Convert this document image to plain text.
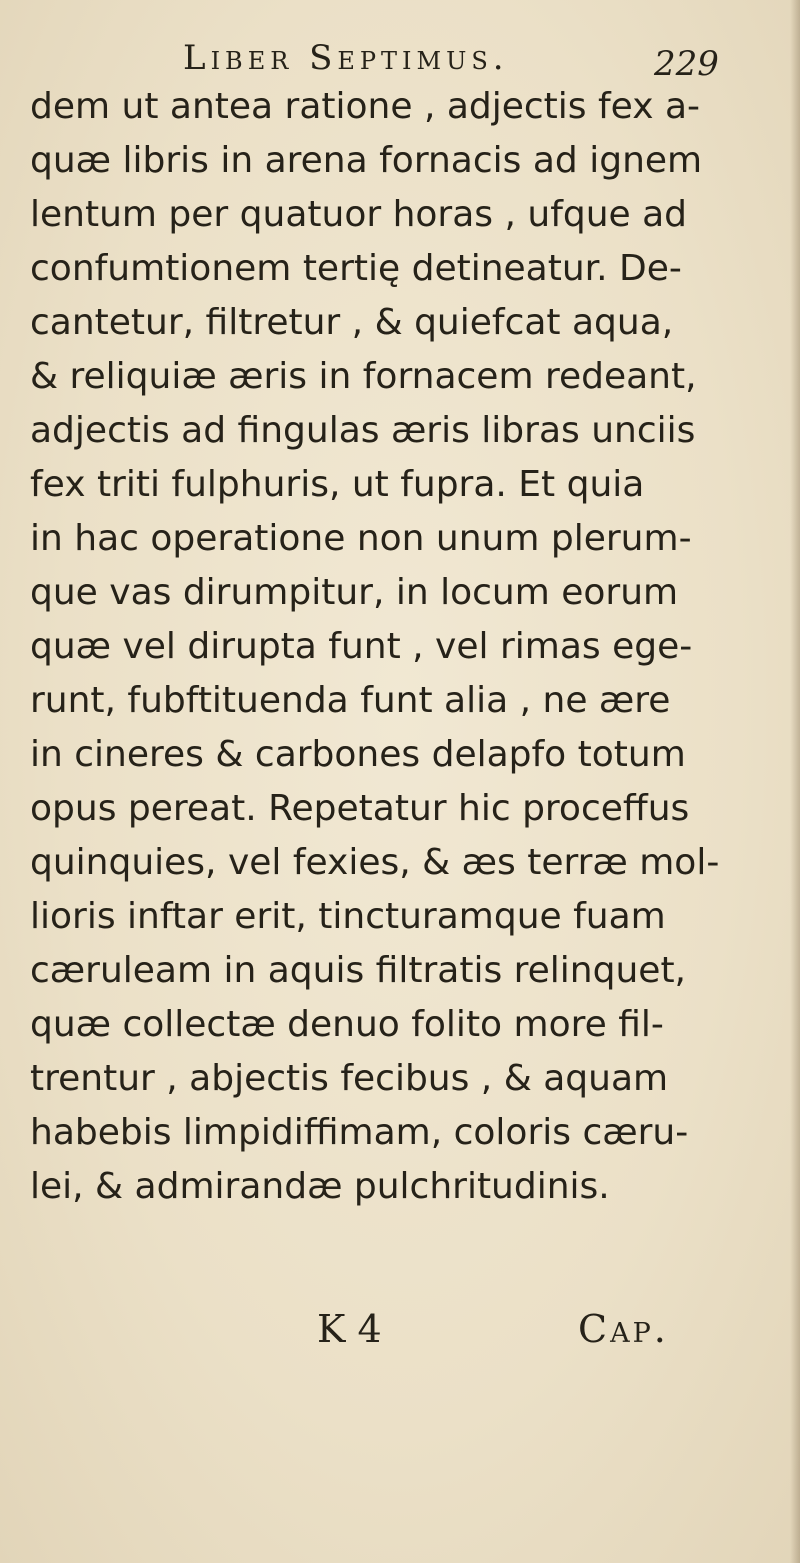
Liber Septimus.	229
dem ut antea ratione , adjectis fex a-
quæ libris in arena fornacis ad ignem
lentum per quatuor horas , ufque ad
confumtionem tertię detineatur. De-
cantetur, filtretur , & quiefcat aqua,
& reliquiæ æris in fornacem redeant,
adjectis ad fingulas æris libras unciis
fex triti fulphuris, ut fupra. Et quia
in hac operatione non unum plerum-
que vas dirumpitur, in locum eorum
quæ vel dirupta funt , vel rimas ege-
runt, fubftituenda funt alia , ne ære
in cineres & carbones delapfo totum
opus pereat. Repetatur hic proceffus
quinquies, vel fexies, & æs terræ mol-
lioris inftar erit, tincturamque fuam
cæruleam in aquis filtratis relinquet,
quæ collectæ denuo folito more fil-
trentur , abjectis fecibus , & aquam
habebis limpidiffimam, coloris cæru-
lei, & admirandæ pulchritudinis.
K 4	Cap.
